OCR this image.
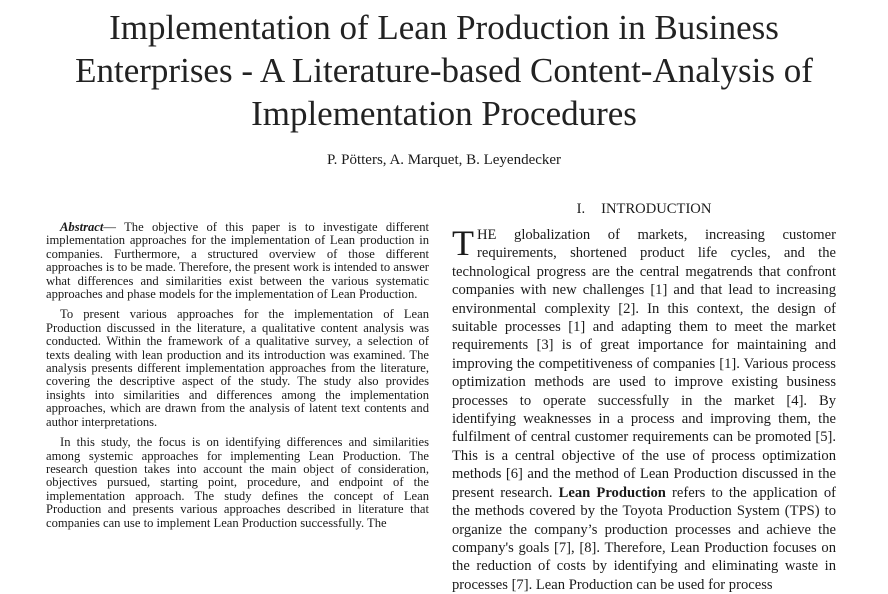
Implementation of Lean Production in Business
Enterprises - A Literature-based Content-Analysis of
Implementation Procedures
P. Pötters, A. Marquet, B. Leyendecker

Abstract— The objective of this paper is to investigate different implementation approaches for the implementation of Lean production in companies. Furthermore, a structured overview of those different approaches is to be made. Therefore, the present work is intended to answer what differences and similarities exist between the various systematic approaches and phase models for the implementation of Lean Production.

To present various approaches for the implementation of Lean Production discussed in the literature, a qualitative content analysis was conducted. Within the framework of a qualitative survey, a selection of texts dealing with lean production and its introduction was examined. The analysis presents different implementation approaches from the literature, covering the descriptive aspect of the study. The study also provides insights into similarities and differences among the implementation approaches, which are drawn from the analysis of latent text contents and author interpretations.

In this study, the focus is on identifying differences and similarities among systemic approaches for implementing Lean Production. The research question takes into account the main object of consideration, objectives pursued, starting point, procedure, and endpoint of the implementation approach. The study defines the concept of Lean Production and presents various approaches described in literature that companies can use to implement Lean Production successfully. The

I. INTRODUCTION

THE globalization of markets, increasing customer requirements, shortened product life cycles, and the technological progress are the central megatrends that confront companies with new challenges [1] and that lead to increasing environmental complexity [2]. In this context, the design of suitable processes [1] and adapting them to meet the market requirements [3] is of great importance for maintaining and improving the competitiveness of companies [1]. Various process optimization methods are used to improve existing business processes to operate successfully in the market [4]. By identifying weaknesses in a process and improving them, the fulfilment of central customer requirements can be promoted [5]. This is a central objective of the use of process optimization methods [6] and the method of Lean Production discussed in the present research. Lean Production refers to the application of the methods covered by the Toyota Production System (TPS) to organize the company’s production processes and achieve the company's goals [7], [8]. Therefore, Lean Production focuses on the reduction of costs by identifying and eliminating waste in processes [7]. Lean Production can be used for process
